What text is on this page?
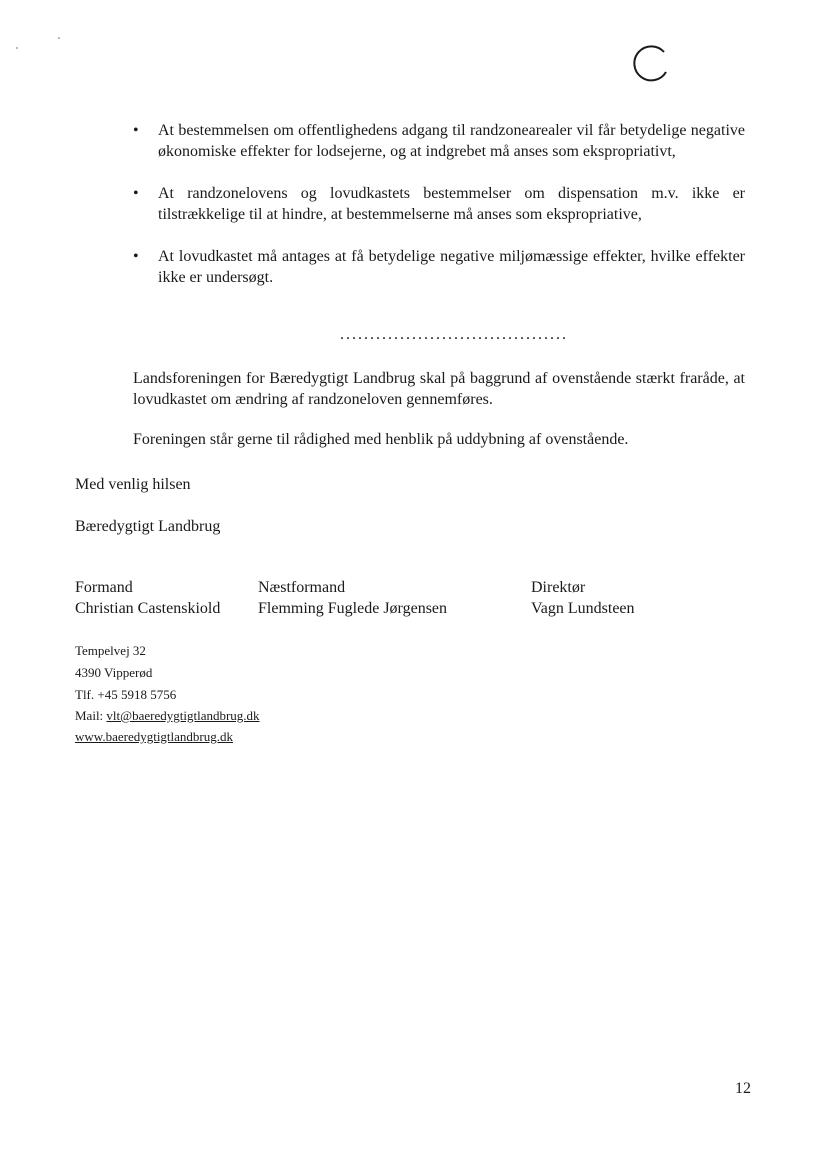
• At bestemmelsen om offentlighedens adgang til randzonearealer vil får betydelige negative økonomiske effekter for lodsejerne, og at indgrebet må anses som ekspropriativt,
• At randzonelovens og lovudkastets bestemmelser om dispensation m.v. ikke er tilstrækkelige til at hindre, at bestemmelserne må anses som ekspropriative,
• At lovudkastet må antages at få betydelige negative miljømæssige effekter, hvilke effekter ikke er undersøgt.
......................................
Landsforeningen for Bæredygtigt Landbrug skal på baggrund af ovenstående stærkt fraråde, at lovudkastet om ændring af randzoneloven gennemføres.
Foreningen står gerne til rådighed med henblik på uddybning af ovenstående.
Med venlig hilsen
Bæredygtigt Landbrug
Formand
Christian Castenskiold
Næstformand
Flemming Fuglede Jørgensen
Direktør
Vagn Lundsteen
Tempelvej 32
4390 Vipperød
Tlf. +45 5918 5756
Mail: vlt@baeredygtigtlandbrug.dk
www.baeredygtigtlandbrug.dk
12
